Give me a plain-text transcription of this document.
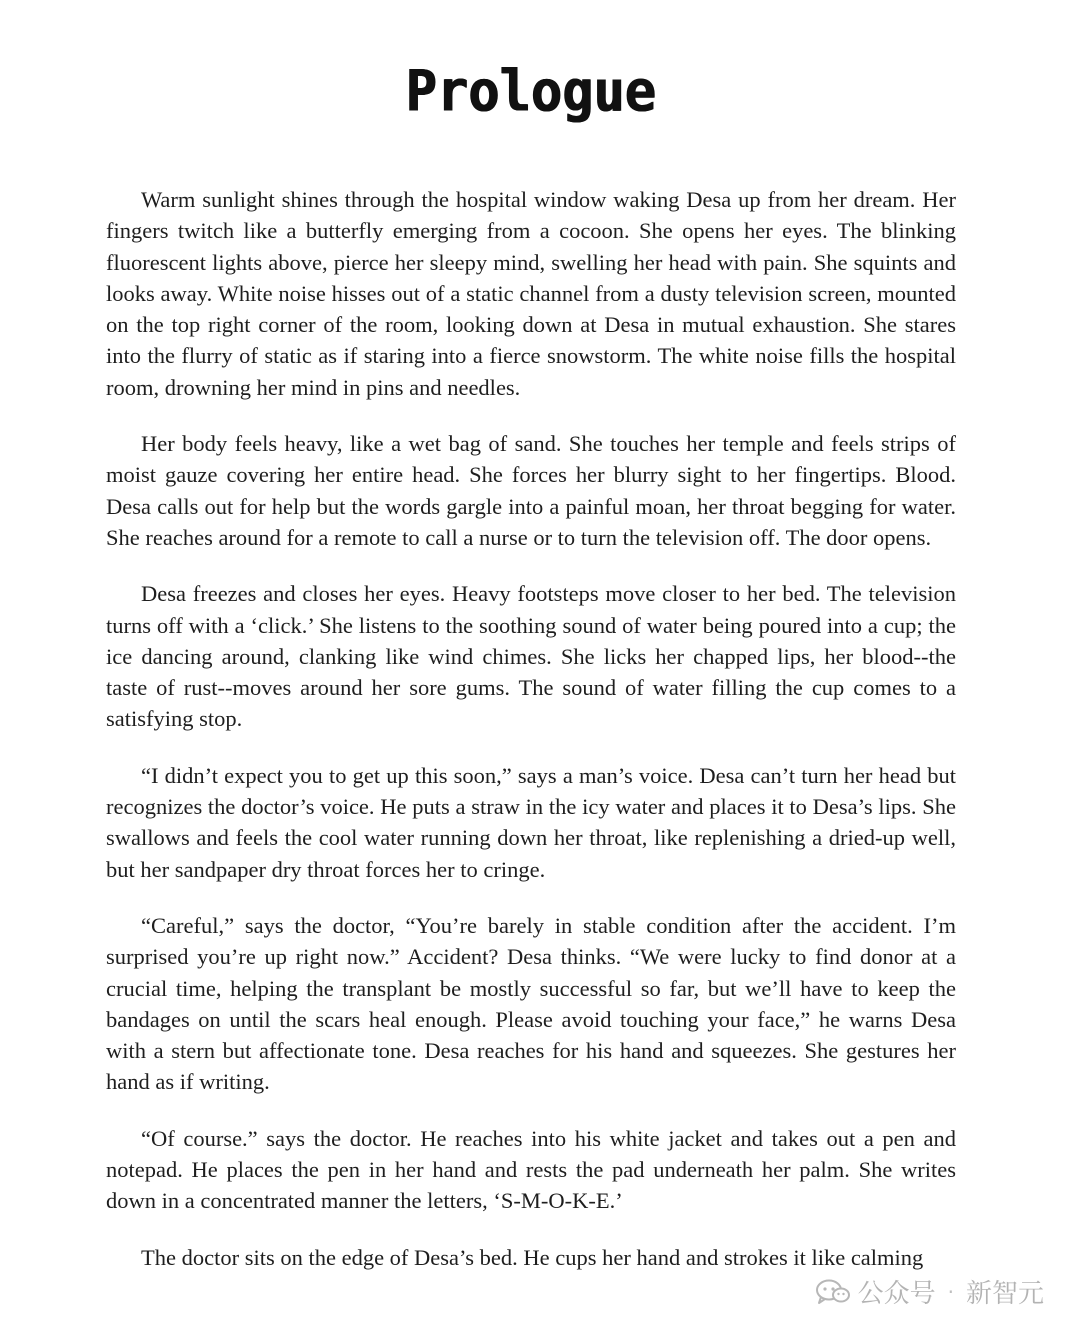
Prologue

Warm sunlight shines through the hospital window waking Desa up from her dream. Her fingers twitch like a butterfly emerging from a cocoon. She opens her eyes. The blinking fluorescent lights above, pierce her sleepy mind, swelling her head with pain. She squints and looks away. White noise hisses out of a static channel from a dusty television screen, mounted on the top right corner of the room, looking down at Desa in mutual exhaustion. She stares into the flurry of static as if staring into a fierce snowstorm. The white noise fills the hospital room, drowning her mind in pins and needles.

Her body feels heavy, like a wet bag of sand. She touches her temple and feels strips of moist gauze covering her entire head. She forces her blurry sight to her fingertips. Blood. Desa calls out for help but the words gargle into a painful moan, her throat begging for water. She reaches around for a remote to call a nurse or to turn the television off. The door opens.

Desa freezes and closes her eyes. Heavy footsteps move closer to her bed. The television turns off with a ‘click.’ She listens to the soothing sound of water being poured into a cup; the ice dancing around, clanking like wind chimes. She licks her chapped lips, her blood--the taste of rust--moves around her sore gums. The sound of water filling the cup comes to a satisfying stop.

“I didn’t expect you to get up this soon,” says a man’s voice. Desa can’t turn her head but recognizes the doctor’s voice. He puts a straw in the icy water and places it to Desa’s lips. She swallows and feels the cool water running down her throat, like replenishing a dried-up well, but her sandpaper dry throat forces her to cringe.

“Careful,” says the doctor, “You’re barely in stable condition after the accident. I’m surprised you’re up right now.” Accident? Desa thinks. “We were lucky to find donor at a crucial time, helping the transplant be mostly successful so far, but we’ll have to keep the bandages on until the scars heal enough. Please avoid touching your face,” he warns Desa with a stern but affectionate tone. Desa reaches for his hand and squeezes. She gestures her hand as if writing.

“Of course.” says the doctor. He reaches into his white jacket and takes out a pen and notepad. He places the pen in her hand and rests the pad underneath her palm. She writes down in a concentrated manner the letters, ‘S-M-O-K-E.’

The doctor sits on the edge of Desa’s bed. He cups her hand and strokes it like calming

公众号 · 新智元
